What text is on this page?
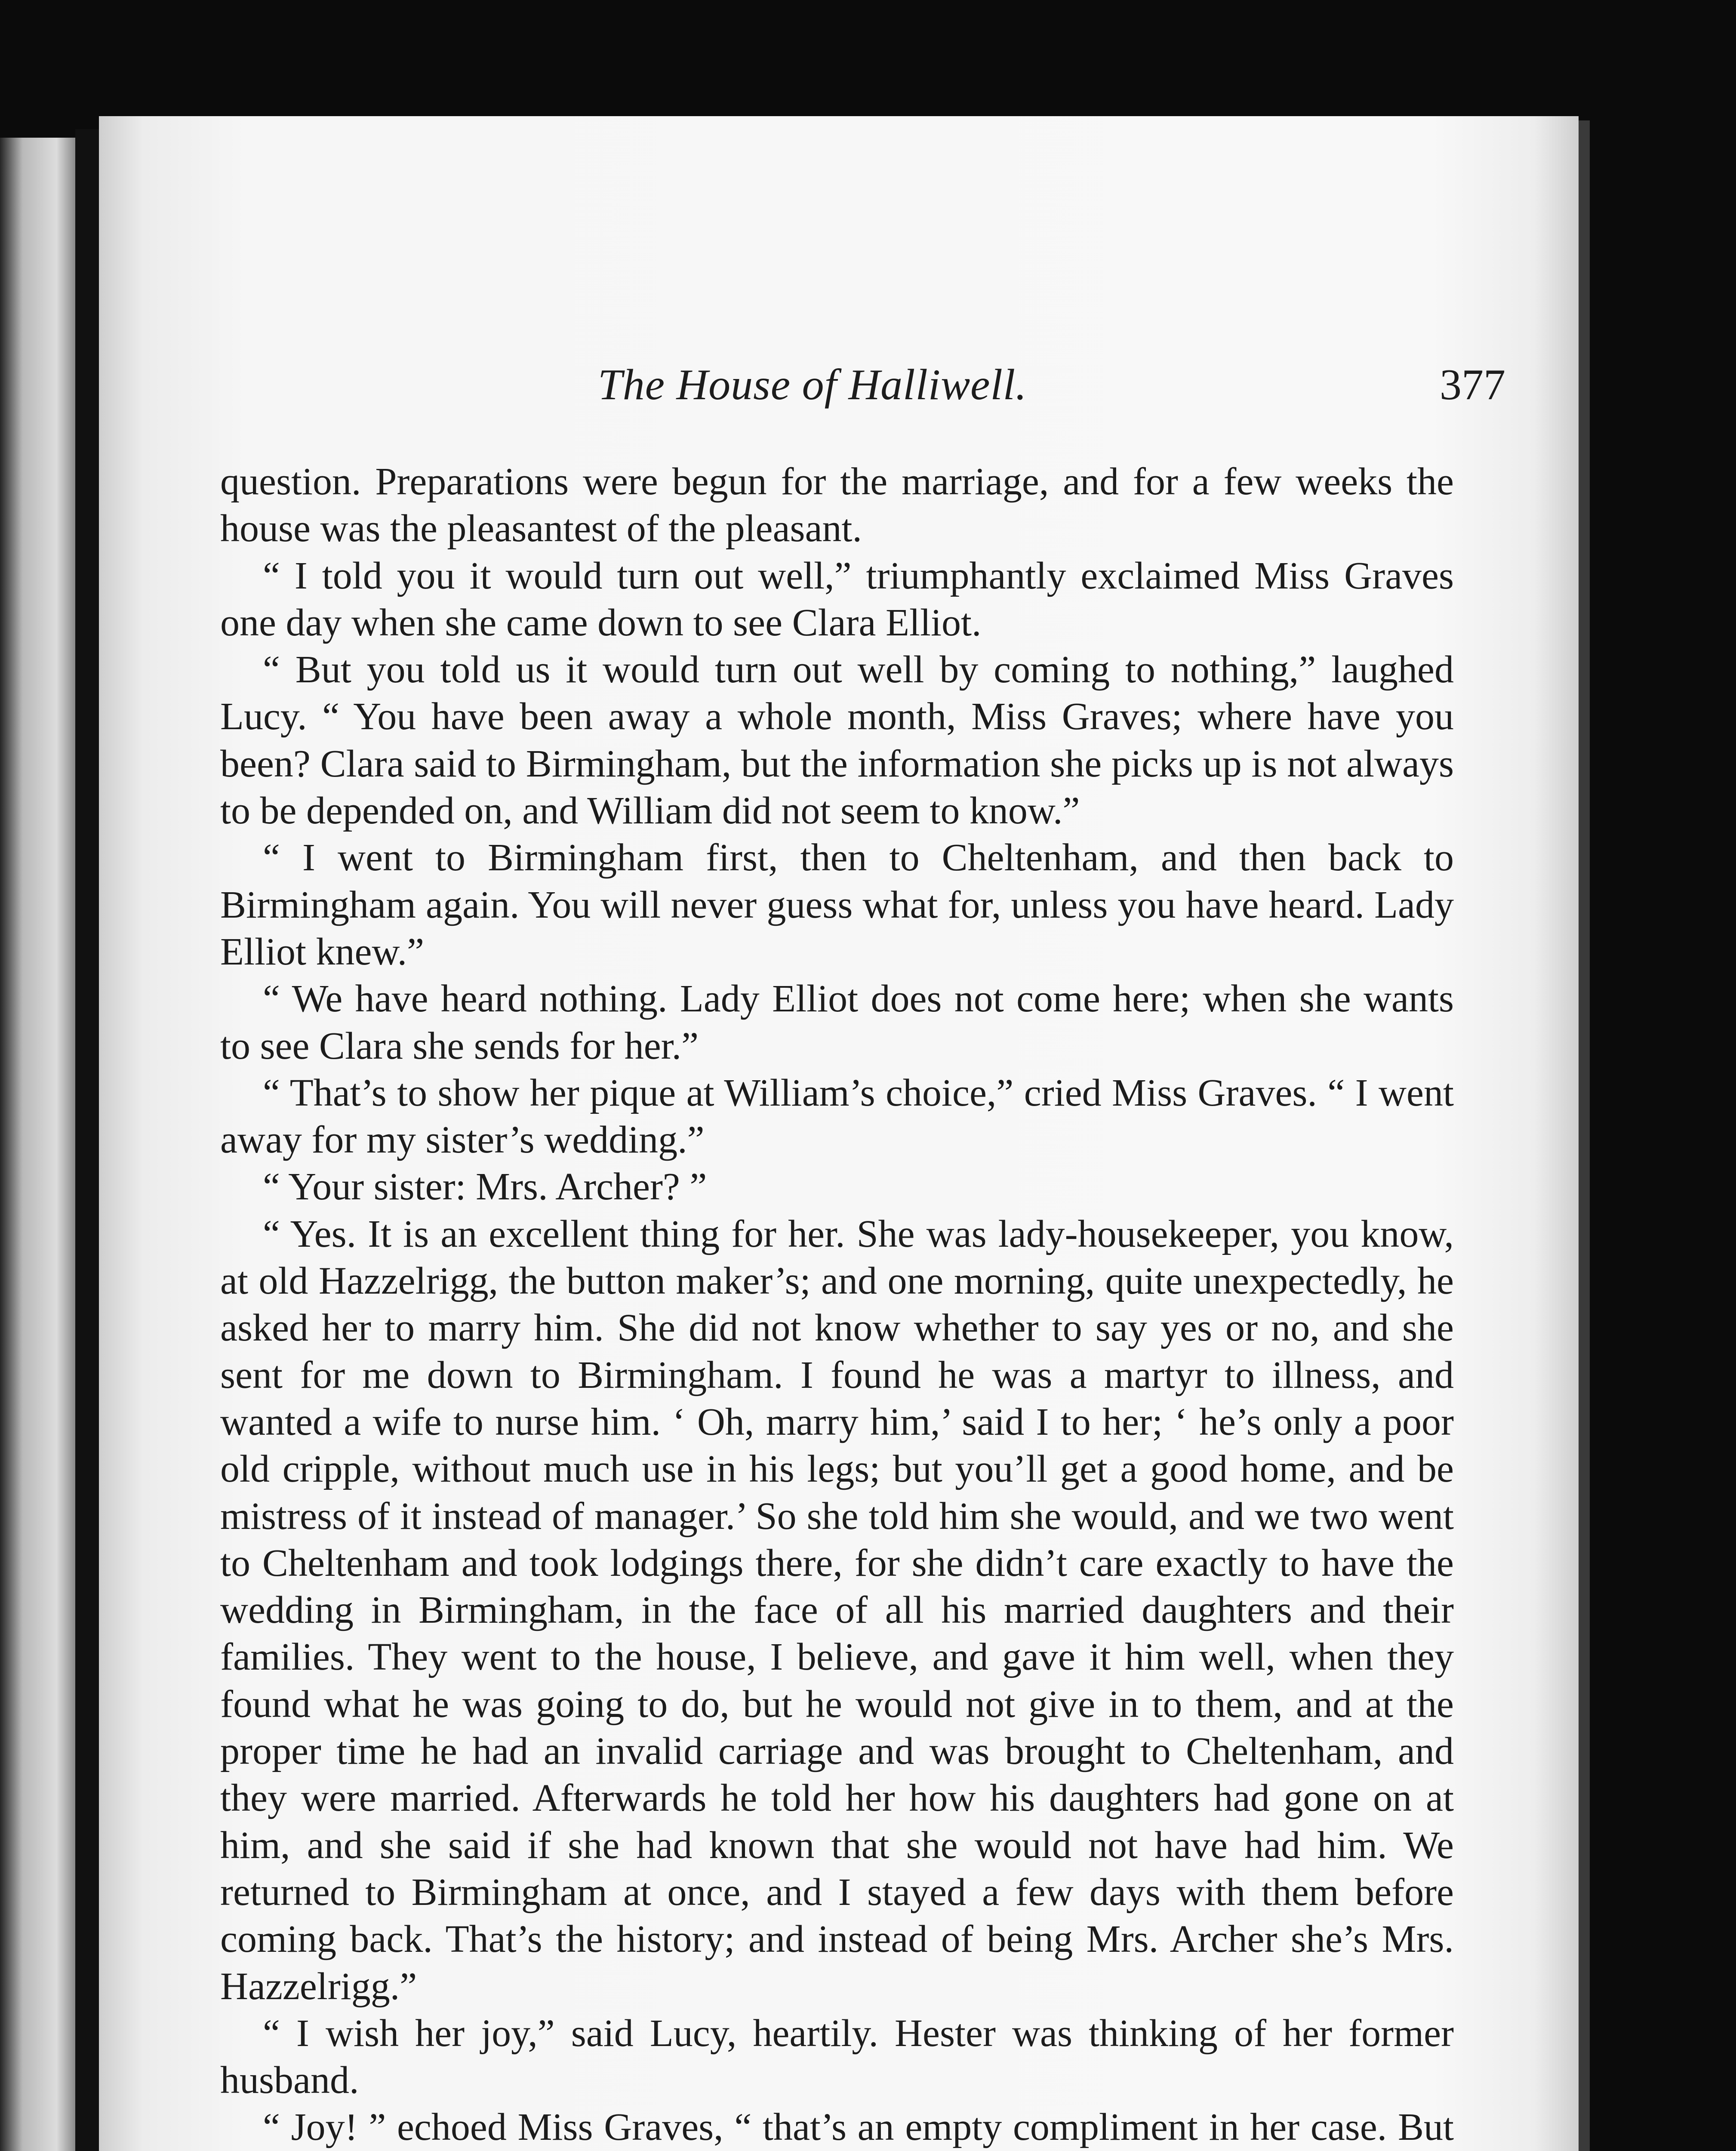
The House of Halliwell.	377

question. Preparations were begun for the marriage, and for a few weeks the house was the pleasantest of the pleasant.

“ I told you it would turn out well,” triumphantly exclaimed Miss Graves one day when she came down to see Clara Elliot.

“ But you told us it would turn out well by coming to nothing,” laughed Lucy. “ You have been away a whole month, Miss Graves; where have you been? Clara said to Birmingham, but the information she picks up is not always to be depended on, and William did not seem to know.”

“ I went to Birmingham first, then to Cheltenham, and then back to Birmingham again. You will never guess what for, unless you have heard. Lady Elliot knew.”

“ We have heard nothing. Lady Elliot does not come here; when she wants to see Clara she sends for her.”

“ That’s to show her pique at William’s choice,” cried Miss Graves. “ I went away for my sister’s wedding.”

“ Your sister: Mrs. Archer? ”

“ Yes. It is an excellent thing for her. She was lady-housekeeper, you know, at old Hazzelrigg, the button maker’s; and one morning, quite unexpectedly, he asked her to marry him. She did not know whether to say yes or no, and she sent for me down to Birmingham. I found he was a martyr to illness, and wanted a wife to nurse him. ‘ Oh, marry him,’ said I to her; ‘ he’s only a poor old cripple, without much use in his legs; but you’ll get a good home, and be mistress of it instead of manager.’ So she told him she would, and we two went to Cheltenham and took lodgings there, for she didn’t care exactly to have the wedding in Birmingham, in the face of all his married daughters and their families. They went to the house, I believe, and gave it him well, when they found what he was going to do, but he would not give in to them, and at the proper time he had an invalid carriage and was brought to Cheltenham, and they were married. Afterwards he told her how his daughters had gone on at him, and she said if she had known that she would not have had him. We returned to Birmingham at once, and I stayed a few days with them before coming back. That’s the history; and instead of being Mrs. Archer she’s Mrs. Hazzelrigg.”

“ I wish her joy,” said Lucy, heartily. Hester was thinking of her former husband.

“ Joy! ” echoed Miss Graves, “ that’s an empty compliment in her case. But
